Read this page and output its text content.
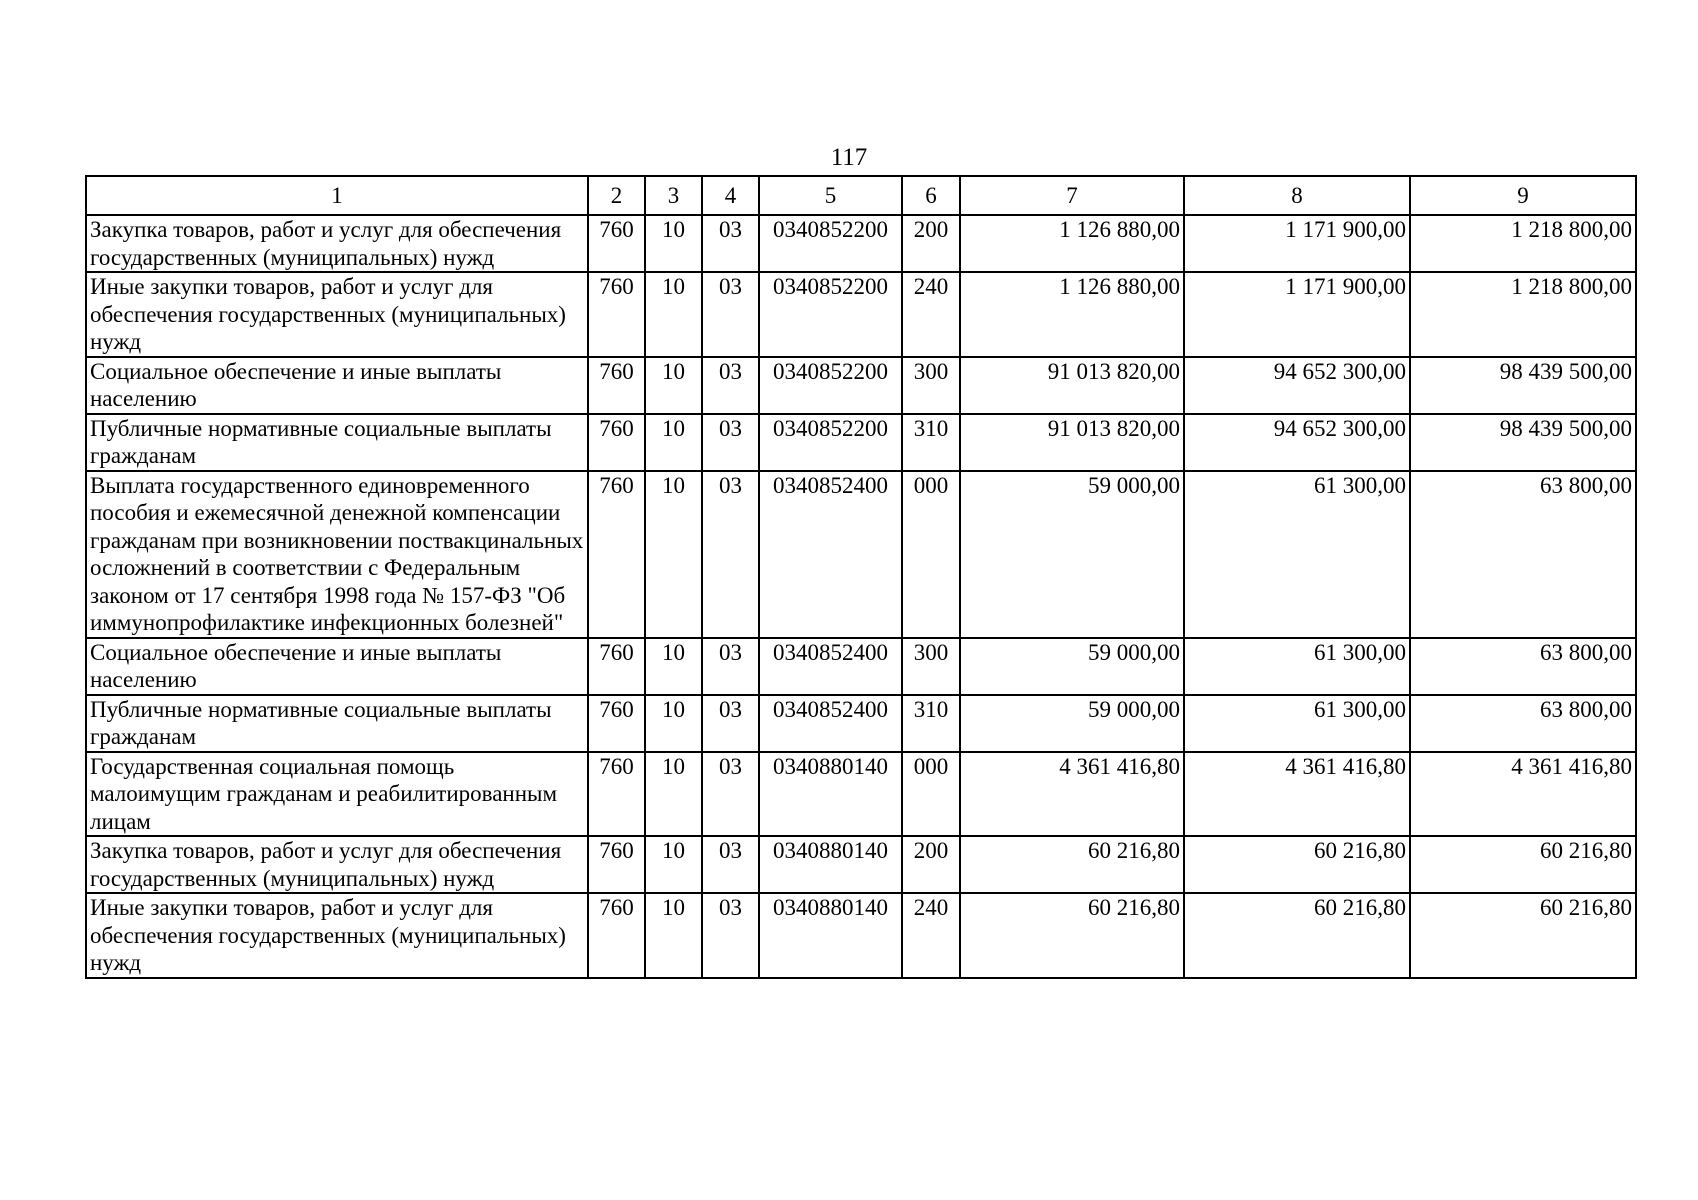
117
1	2	3	4	5	6	7	8	9
Закупка товаров, работ и услуг для обеспечения государственных (муниципальных) нужд	760	10	03	0340852200	200	1 126 880,00	1 171 900,00	1 218 800,00
Иные закупки товаров, работ и услуг для обеспечения государственных (муниципальных) нужд	760	10	03	0340852200	240	1 126 880,00	1 171 900,00	1 218 800,00
Социальное обеспечение и иные выплаты населению	760	10	03	0340852200	300	91 013 820,00	94 652 300,00	98 439 500,00
Публичные нормативные социальные выплаты гражданам	760	10	03	0340852200	310	91 013 820,00	94 652 300,00	98 439 500,00
Выплата государственного единовременного пособия и ежемесячной денежной компенсации гражданам при возникновении поствакцинальных осложнений в соответствии с Федеральным законом от 17 сентября 1998 года № 157-ФЗ "Об иммунопрофилактике инфекционных болезней"	760	10	03	0340852400	000	59 000,00	61 300,00	63 800,00
Социальное обеспечение и иные выплаты населению	760	10	03	0340852400	300	59 000,00	61 300,00	63 800,00
Публичные нормативные социальные выплаты гражданам	760	10	03	0340852400	310	59 000,00	61 300,00	63 800,00
Государственная социальная помощь малоимущим гражданам и реабилитированным лицам	760	10	03	0340880140	000	4 361 416,80	4 361 416,80	4 361 416,80
Закупка товаров, работ и услуг для обеспечения государственных (муниципальных) нужд	760	10	03	0340880140	200	60 216,80	60 216,80	60 216,80
Иные закупки товаров, работ и услуг для обеспечения государственных (муниципальных) нужд	760	10	03	0340880140	240	60 216,80	60 216,80	60 216,80
